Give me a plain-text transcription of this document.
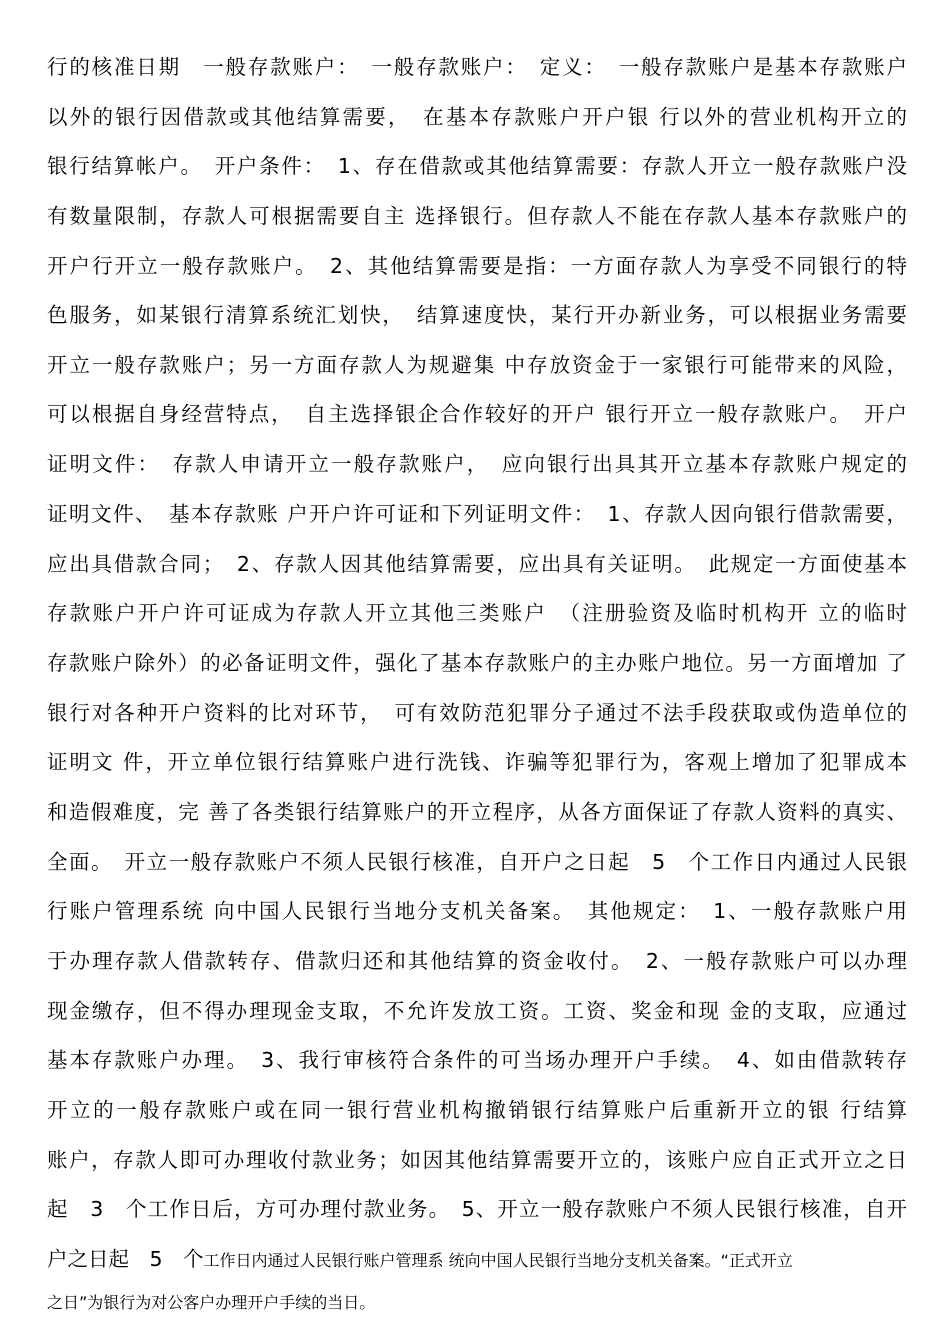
行的核准日期　一般存款账户：　一般存款账户：　定义：　一般存款账户是基本存款账户
以外的银行因借款或其他结算需要，　在基本存款账户开户银 行以外的营业机构开立的
银行结算帐户。　开户条件：　1、存在借款或其他结算需要：存款人开立一般存款账户没
有数量限制，存款人可根据需要自主 选择银行。但存款人不能在存款人基本存款账户的
开户行开立一般存款账户。　2、其他结算需要是指：一方面存款人为享受不同银行的特
色服务，如某银行清算系统汇划快，　结算速度快，某行开办新业务，可以根据业务需要
开立一般存款账户；另一方面存款人为规避集 中存放资金于一家银行可能带来的风险，
可以根据自身经营特点，　自主选择银企合作较好的开户 银行开立一般存款账户。　开户
证明文件：　存款人申请开立一般存款账户，　应向银行出具其开立基本存款账户规定的
证明文件、　基本存款账 户开户许可证和下列证明文件：　1、存款人因向银行借款需要，
应出具借款合同；　2、存款人因其他结算需要，应出具有关证明。　此规定一方面使基本
存款账户开户许可证成为存款人开立其他三类账户　（注册验资及临时机构开 立的临时
存款账户除外）的必备证明文件，强化了基本存款账户的主办账户地位。另一方面增加 了
银行对各种开户资料的比对环节，　可有效防范犯罪分子通过不法手段获取或伪造单位的
证明文 件，开立单位银行结算账户进行洗钱、诈骗等犯罪行为，客观上增加了犯罪成本
和造假难度，完 善了各类银行结算账户的开立程序，从各方面保证了存款人资料的真实、
全面。　开立一般存款账户不须人民银行核准，自开户之日起　5　个工作日内通过人民银
行账户管理系统 向中国人民银行当地分支机关备案。　其他规定：　1、一般存款账户用
于办理存款人借款转存、借款归还和其他结算的资金收付。　2、一般存款账户可以办理
现金缴存，但不得办理现金支取，不允许发放工资。工资、奖金和现 金的支取，应通过
基本存款账户办理。　3、我行审核符合条件的可当场办理开户手续。　4、如由借款转存
开立的一般存款账户或在同一银行营业机构撤销银行结算账户后重新开立的银 行结算
账户，存款人即可办理收付款业务；如因其他结算需要开立的，该账户应自正式开立之日
起　3　个工作日后，方可办理付款业务。　5、开立一般存款账户不须人民银行核准，自开
户之日起　5　个工作日内通过人民银行账户管理系 统向中国人民银行当地分支机关备案。“正式开立
之日”为银行为对公客户办理开户手续的当日。
